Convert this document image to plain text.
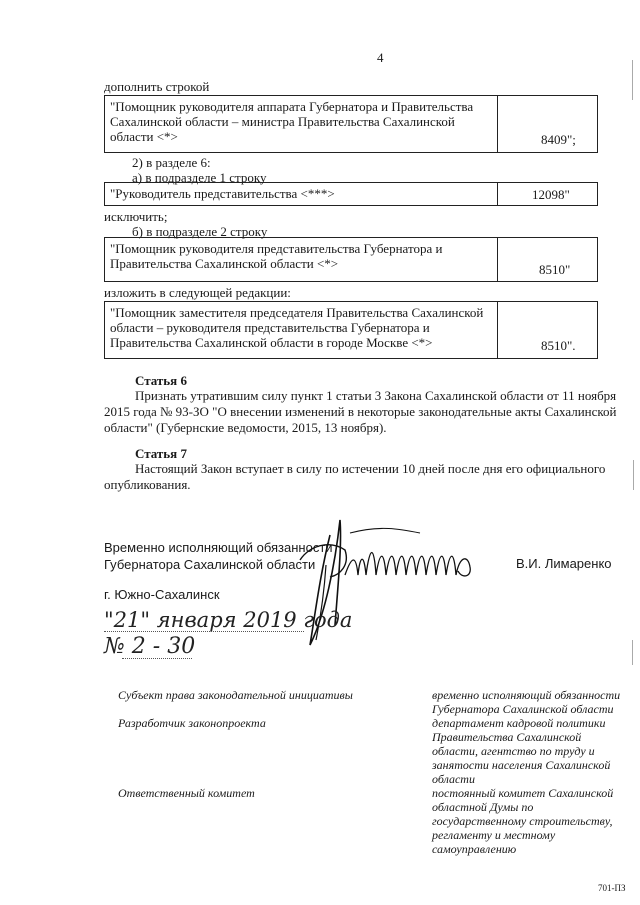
4
дополнить строкой
"Помощник руководителя аппарата Губернатора и Правительства
Сахалинской области – министра Правительства Сахалинской
области <*>	8409";
2) в разделе 6:
а) в подразделе 1 строку
"Руководитель представительства <***>	12098"
исключить;
б) в подразделе 2 строку
"Помощник руководителя представительства Губернатора и
Правительства Сахалинской области <*>	8510"
изложить в следующей редакции:
"Помощник заместителя председателя Правительства Сахалинской
области – руководителя представительства Губернатора и
Правительства Сахалинской области в городе Москве <*>	8510".
Статья 6
Признать утратившим силу пункт 1 статьи 3 Закона Сахалинской области от 11 ноября
2015 года № 93-ЗО "О внесении изменений в некоторые законодательные акты Сахалинской
области" (Губернские ведомости, 2015, 13 ноября).
Статья 7
Настоящий Закон вступает в силу по истечении 10 дней после дня его официального
опубликования.
Временно исполняющий обязанности
Губернатора Сахалинской области	В.И. Лимаренко
г. Южно-Сахалинск
"21" января 2019 года
№ 2 - 30
Субъект права законодательной инициативы	временно исполняющий обязанности
Губернатора Сахалинской области
Разработчик законопроекта	департамент кадровой политики
Правительства Сахалинской
области, агентство по труду и
занятости населения Сахалинской
области
Ответственный комитет	постоянный комитет Сахалинской
областной Думы по
государственному строительству,
регламенту и местному
самоуправлению
701-ПЗ
